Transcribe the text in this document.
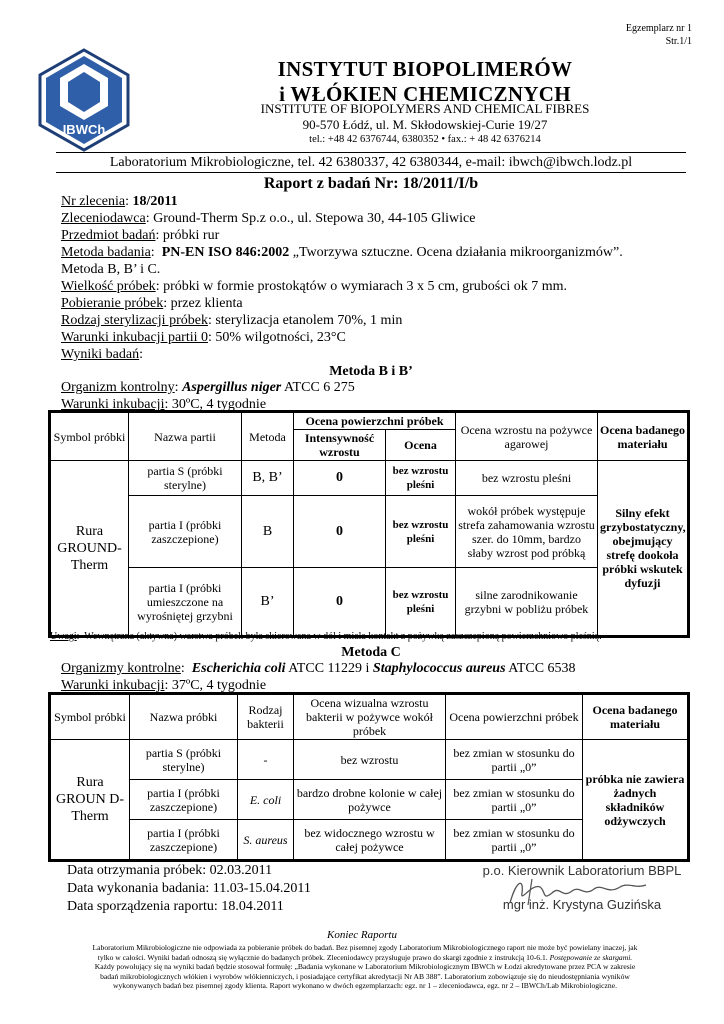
Egzemplarz nr 1
Str.1/1
IBWCh
INSTYTUT BIOPOLIMERÓW
i WŁÓKIEN CHEMICZNYCH
INSTITUTE OF BIOPOLYMERS AND CHEMICAL FIBRES
90-570 Łódź, ul. M. Skłodowskiej-Curie 19/27
tel.: +48 42 6376744, 6380352 • fax.: + 48 42 6376214
Laboratorium Mikrobiologiczne, tel. 42 6380337, 42 6380344, e-mail: ibwch@ibwch.lodz.pl
Raport z badań Nr: 18/2011/I/b
Nr zlecenia: 18/2011
Zleceniodawca: Ground-Therm Sp.z o.o., ul. Stepowa 30, 44-105 Gliwice
Przedmiot badań: próbki rur
Metoda badania:  PN-EN ISO 846:2002 „Tworzywa sztuczne. Ocena działania mikroorganizmów”.
Metoda B, B’ i C.
Wielkość próbek: próbki w formie prostokątów o wymiarach 3 x 5 cm, grubości ok 7 mm.
Pobieranie próbek: przez klienta
Rodzaj sterylizacji próbek: sterylizacja etanolem 70%, 1 min
Warunki inkubacji partii 0: 50% wilgotności, 23°C
Wyniki badań:
Metoda B i B’
Organizm kontrolny: Aspergillus niger ATCC 6 275
Warunki inkubacji: 30ºC, 4 tygodnie
Symbol próbki	Nazwa partii	Metoda	Ocena powierzchni próbek		Ocena wzrostu na pożywce agarowej	Ocena badanego materiału
			Intensywność wzrostu	Ocena		
Rura GROUND-Therm	partia S (próbki sterylne)	B, B’	0	bez wzrostu pleśni	bez wzrostu pleśni	Silny efekt grzybostatyczny, obejmujący strefę dookoła próbki wskutek dyfuzji
	partia I (próbki zaszczepione)	B	0	bez wzrostu pleśni	wokół próbek występuje strefa zahamowania wzrostu szer. do 10mm, bardzo słaby wzrost pod próbką	
	partia I (próbki umieszczone na wyrośniętej grzybni	B’	0	bez wzrostu pleśni	silne zarodnikowanie grzybni w pobliżu próbek	
Uwagi:  Wewnętrzna (aktywna) warstwa próbek była skierowana w dół i miała kontakt z pożywką zaszczepioną powierzchniowo pleśnią.
Metoda C
Organizmy kontrolne:  Escherichia coli ATCC 11229 i Staphylococcus aureus ATCC 6538
Warunki inkubacji: 37ºC, 4 tygodnie
Symbol próbki	Nazwa próbki	Rodzaj bakterii	Ocena wizualna wzrostu bakterii w pożywce wokół próbek	Ocena powierzchni próbek	Ocena badanego materiału
Rura GROUN D-Therm	partia S (próbki sterylne)	-	bez wzrostu	bez zmian w stosunku do partii „0”	próbka nie zawiera żadnych składników odżywczych
	partia I (próbki zaszczepione)	E. coli	bardzo drobne kolonie w całej pożywce	bez zmian w stosunku do partii „0”	
	partia I (próbki zaszczepione)	S. aureus	bez widocznego wzrostu w całej pożywce	bez zmian w stosunku do partii „0”	
Data otrzymania próbek: 02.03.2011
Data wykonania badania: 11.03-15.04.2011
Data sporządzenia raportu: 18.04.2011
p.o. Kierownik Laboratorium BBPL
mgr inż. Krystyna Guzińska
Koniec Raportu
Laboratorium Mikrobiologiczne nie odpowiada za pobieranie próbek do badań. Bez pisemnej zgody Laboratorium Mikrobiologicznego raport nie może być powielany inaczej, jak
tylko w całości. Wyniki badań odnoszą się wyłącznie do badanych próbek. Zleceniodawcy przysługuje prawo do skargi zgodnie z instrukcją 10-6.1. Postępowanie ze skargami.
Każdy powołujący się na wyniki badań będzie stosował formułę: „Badania wykonane w Laboratorium Mikrobiologicznym IBWCh w Łodzi akredytowane przez PCA w zakresie
badań mikrobiologicznych włókien i wyrobów włókienniczych, i posiadające certyfikat akredytacji Nr AB 388”. Laboratorium zobowiązuje się do nieudostępniania wyników
wykonywanych badań bez pisemnej zgody klienta. Raport wykonano w dwóch egzemplarzach: egz. nr 1 – zleceniodawca, egz. nr 2 – IBWCh/Lab Mikrobiologiczne.
